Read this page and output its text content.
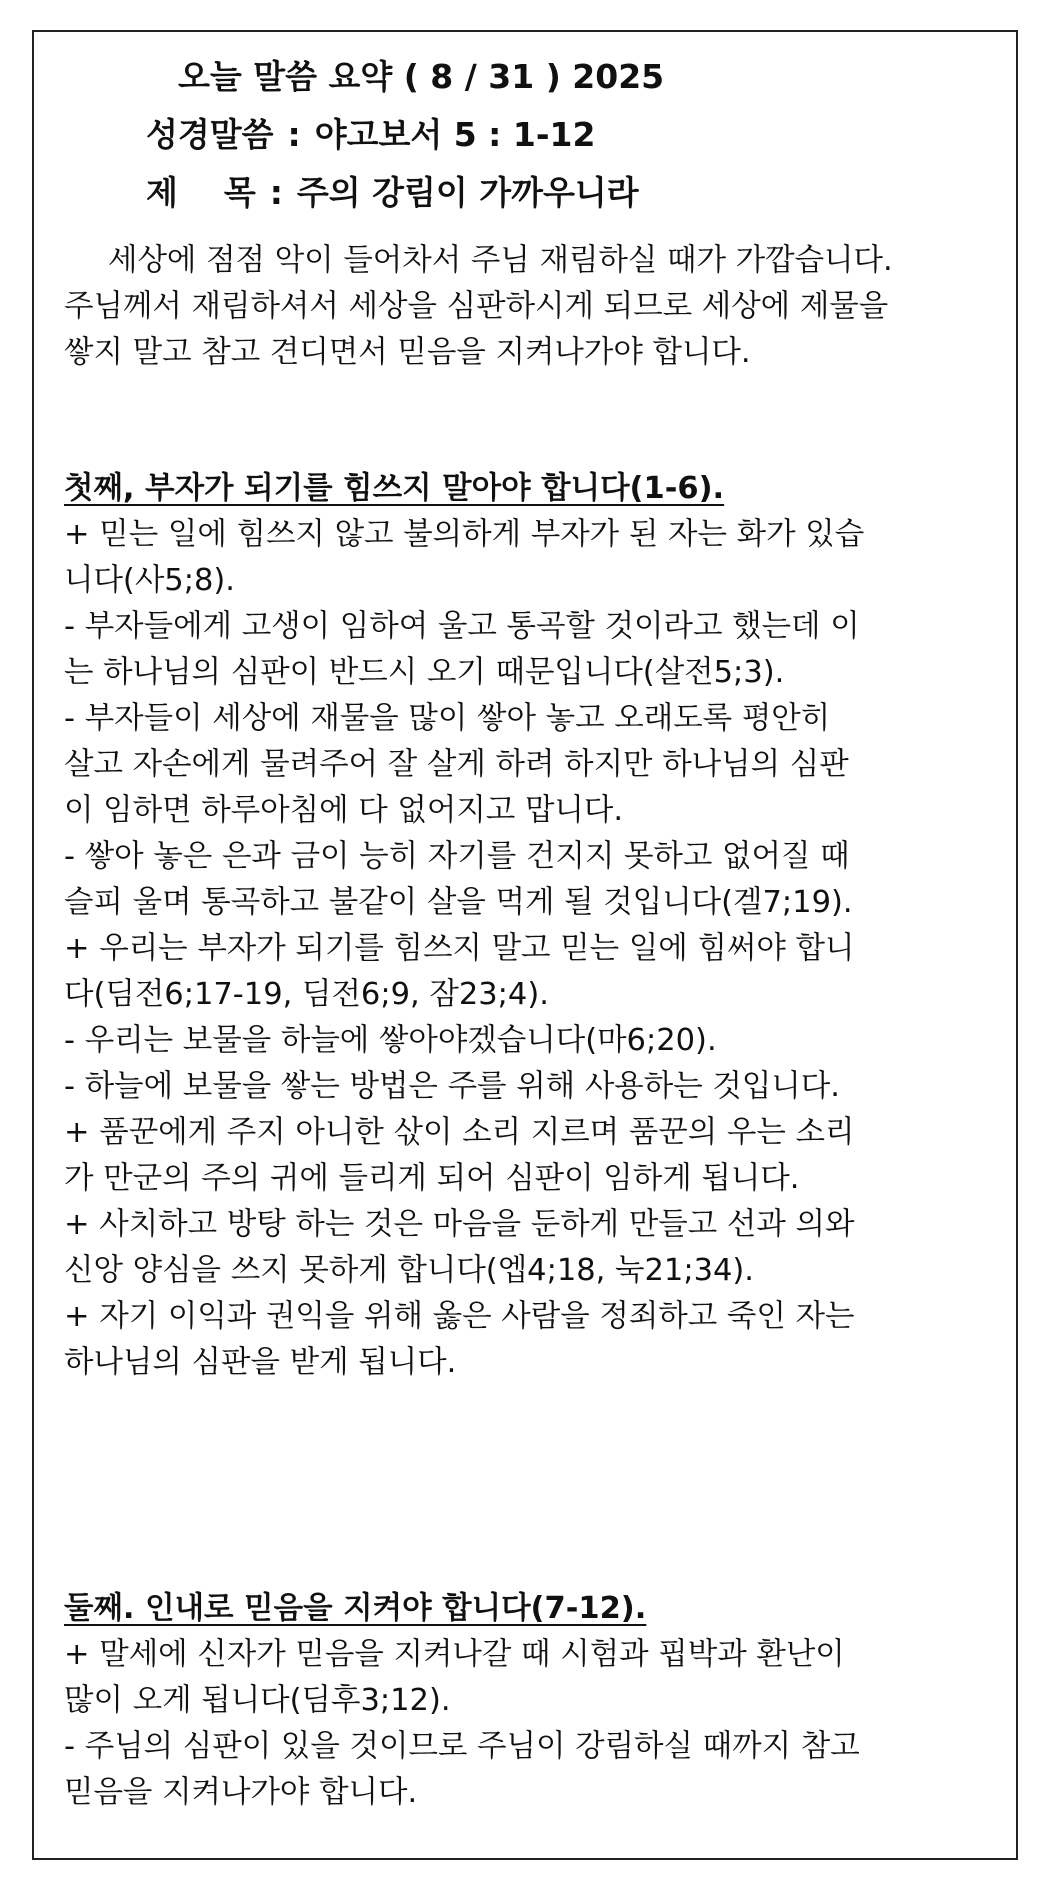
오늘 말씀 요약 ( 8 / 31 ) 2025
성경말씀 : 야고보서 5 : 1-12
제    목 : 주의 강림이 가까우니라
세상에 점점 악이 들어차서 주님 재림하실 때가 가깝습니다.
주님께서 재림하셔서 세상을 심판하시게 되므로 세상에 제물을
쌓지 말고 참고 견디면서 믿음을 지켜나가야 합니다.
첫째, 부자가 되기를 힘쓰지 말아야 합니다(1-6).
+ 믿는 일에 힘쓰지 않고 불의하게 부자가 된 자는 화가 있습
니다(사5;8).
- 부자들에게 고생이 임하여 울고 통곡할 것이라고 했는데 이
는 하나님의 심판이 반드시 오기 때문입니다(살전5;3).
- 부자들이 세상에 재물을 많이 쌓아 놓고 오래도록 평안히
살고 자손에게 물려주어 잘 살게 하려 하지만 하나님의 심판
이 임하면 하루아침에 다 없어지고 맙니다.
- 쌓아 놓은 은과 금이 능히 자기를 건지지 못하고 없어질 때
슬피 울며 통곡하고 불같이 살을 먹게 될 것입니다(겔7;19).
+ 우리는 부자가 되기를 힘쓰지 말고 믿는 일에 힘써야 합니
다(딤전6;17-19, 딤전6;9, 잠23;4).
- 우리는 보물을 하늘에 쌓아야겠습니다(마6;20).
- 하늘에 보물을 쌓는 방법은 주를 위해 사용하는 것입니다.
+ 품꾼에게 주지 아니한 삯이 소리 지르며 품꾼의 우는 소리
가 만군의 주의 귀에 들리게 되어 심판이 임하게 됩니다.
+ 사치하고 방탕 하는 것은 마음을 둔하게 만들고 선과 의와
신앙 양심을 쓰지 못하게 합니다(엡4;18, 눅21;34).
+ 자기 이익과 권익을 위해 옳은 사람을 정죄하고 죽인 자는
하나님의 심판을 받게 됩니다.
둘째. 인내로 믿음을 지켜야 합니다(7-12).
+ 말세에 신자가 믿음을 지켜나갈 때 시험과 핍박과 환난이
많이 오게 됩니다(딤후3;12).
- 주님의 심판이 있을 것이므로 주님이 강림하실 때까지 참고
믿음을 지켜나가야 합니다.
